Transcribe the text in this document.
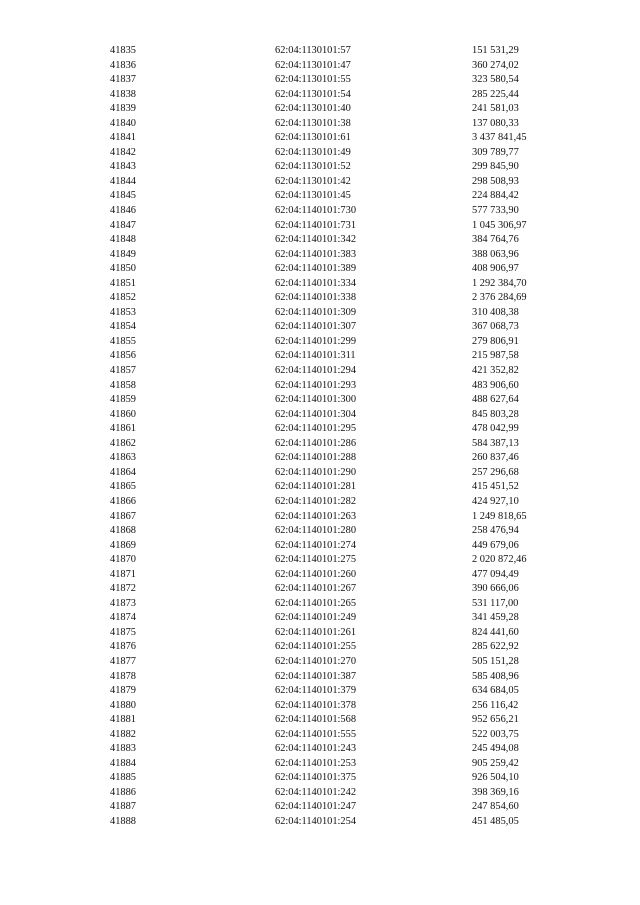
41835	62:04:1130101:57	151 531,29
41836	62:04:1130101:47	360 274,02
41837	62:04:1130101:55	323 580,54
41838	62:04:1130101:54	285 225,44
41839	62:04:1130101:40	241 581,03
41840	62:04:1130101:38	137 080,33
41841	62:04:1130101:61	3 437 841,45
41842	62:04:1130101:49	309 789,77
41843	62:04:1130101:52	299 845,90
41844	62:04:1130101:42	298 508,93
41845	62:04:1130101:45	224 884,42
41846	62:04:1140101:730	577 733,90
41847	62:04:1140101:731	1 045 306,97
41848	62:04:1140101:342	384 764,76
41849	62:04:1140101:383	388 063,96
41850	62:04:1140101:389	408 906,97
41851	62:04:1140101:334	1 292 384,70
41852	62:04:1140101:338	2 376 284,69
41853	62:04:1140101:309	310 408,38
41854	62:04:1140101:307	367 068,73
41855	62:04:1140101:299	279 806,91
41856	62:04:1140101:311	215 987,58
41857	62:04:1140101:294	421 352,82
41858	62:04:1140101:293	483 906,60
41859	62:04:1140101:300	488 627,64
41860	62:04:1140101:304	845 803,28
41861	62:04:1140101:295	478 042,99
41862	62:04:1140101:286	584 387,13
41863	62:04:1140101:288	260 837,46
41864	62:04:1140101:290	257 296,68
41865	62:04:1140101:281	415 451,52
41866	62:04:1140101:282	424 927,10
41867	62:04:1140101:263	1 249 818,65
41868	62:04:1140101:280	258 476,94
41869	62:04:1140101:274	449 679,06
41870	62:04:1140101:275	2 020 872,46
41871	62:04:1140101:260	477 094,49
41872	62:04:1140101:267	390 666,06
41873	62:04:1140101:265	531 117,00
41874	62:04:1140101:249	341 459,28
41875	62:04:1140101:261	824 441,60
41876	62:04:1140101:255	285 622,92
41877	62:04:1140101:270	505 151,28
41878	62:04:1140101:387	585 408,96
41879	62:04:1140101:379	634 684,05
41880	62:04:1140101:378	256 116,42
41881	62:04:1140101:568	952 656,21
41882	62:04:1140101:555	522 003,75
41883	62:04:1140101:243	245 494,08
41884	62:04:1140101:253	905 259,42
41885	62:04:1140101:375	926 504,10
41886	62:04:1140101:242	398 369,16
41887	62:04:1140101:247	247 854,60
41888	62:04:1140101:254	451 485,05
